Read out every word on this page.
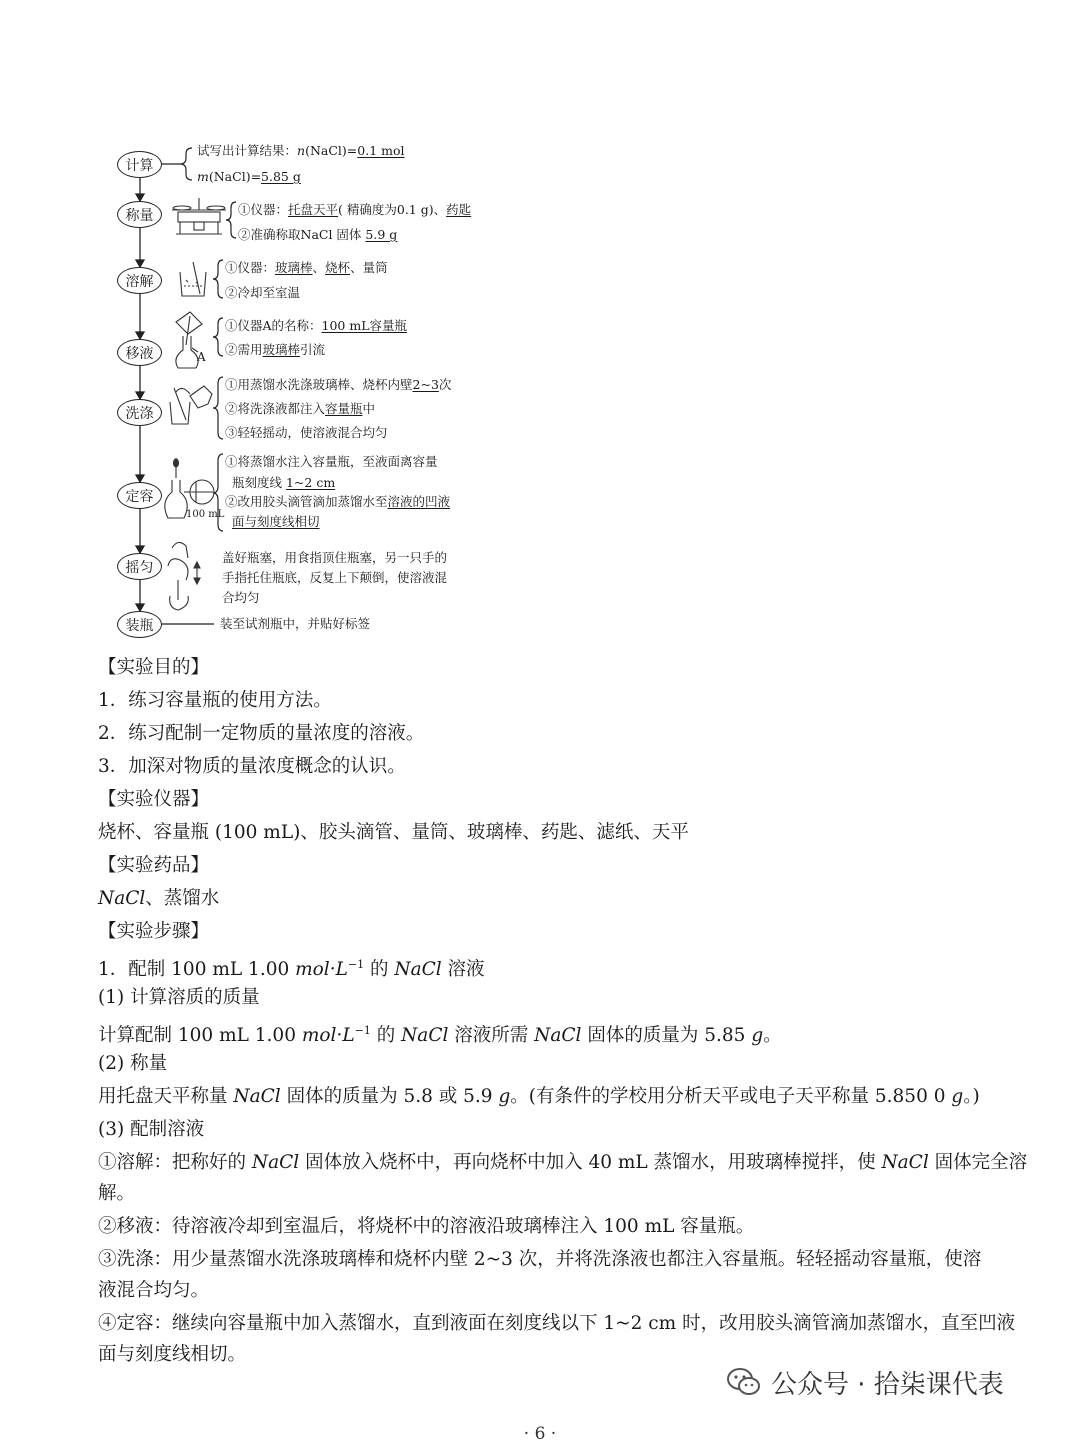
计算
称量
溶解
移液
洗涤
定容
摇匀
装瓶
试写出计算结果：n(NaCl)=0.1 mol
m(NaCl)=5.85 g
①仪器：托盘天平( 精确度为0.1 g)、药匙
②准确称取NaCl 固体 5.9 g
①仪器：玻璃棒、烧杯、量筒
②冷却至室温
A
①仪器A的名称：100 mL容量瓶
②需用玻璃棒引流
①用蒸馏水洗涤玻璃棒、烧杯内壁2~3次
②将洗涤液都注入容量瓶中
③轻轻摇动，使溶液混合均匀
100 mL
①将蒸馏水注入容量瓶，至液面离容量
瓶刻度线 1~2 cm
②改用胶头滴管滴加蒸馏水至溶液的凹液
面与刻度线相切
盖好瓶塞，用食指顶住瓶塞，另一只手的
手指托住瓶底，反复上下颠倒，使溶液混
合均匀
装至试剂瓶中，并贴好标签
【实验目的】
1．练习容量瓶的使用方法。
2．练习配制一定物质的量浓度的溶液。
3．加深对物质的量浓度概念的认识。
【实验仪器】
烧杯、容量瓶 (100 mL)、胶头滴管、量筒、玻璃棒、药匙、滤纸、天平
【实验药品】
NaCl、蒸馏水
【实验步骤】
1．配制 100 mL 1.00 $mol\cdot L^{-1}$ 的 NaCl 溶液
(1) 计算溶质的质量
计算配制 100 mL 1.00 $mol\cdot L^{-1}$ 的 NaCl 溶液所需 NaCl 固体的质量为 5.85 g。
(2) 称量
用托盘天平称量 NaCl 固体的质量为 5.8 或 5.9 g。(有条件的学校用分析天平或电子天平称量 5.850 0 g。)
(3) 配制溶液
①溶解：把称好的 NaCl 固体放入烧杯中，再向烧杯中加入 40 mL 蒸馏水，用玻璃棒搅拌，使 NaCl 固体完全溶
解。
②移液：待溶液冷却到室温后，将烧杯中的溶液沿玻璃棒注入 100 mL 容量瓶。
③洗涤：用少量蒸馏水洗涤玻璃棒和烧杯内壁 2~3 次，并将洗涤液也都注入容量瓶。轻轻摇动容量瓶，使溶
液混合均匀。
④定容：继续向容量瓶中加入蒸馏水，直到液面在刻度线以下 1~2 cm 时，改用胶头滴管滴加蒸馏水，直至凹液
面与刻度线相切。
公众号 · 拾柒课代表
· 6 ·
